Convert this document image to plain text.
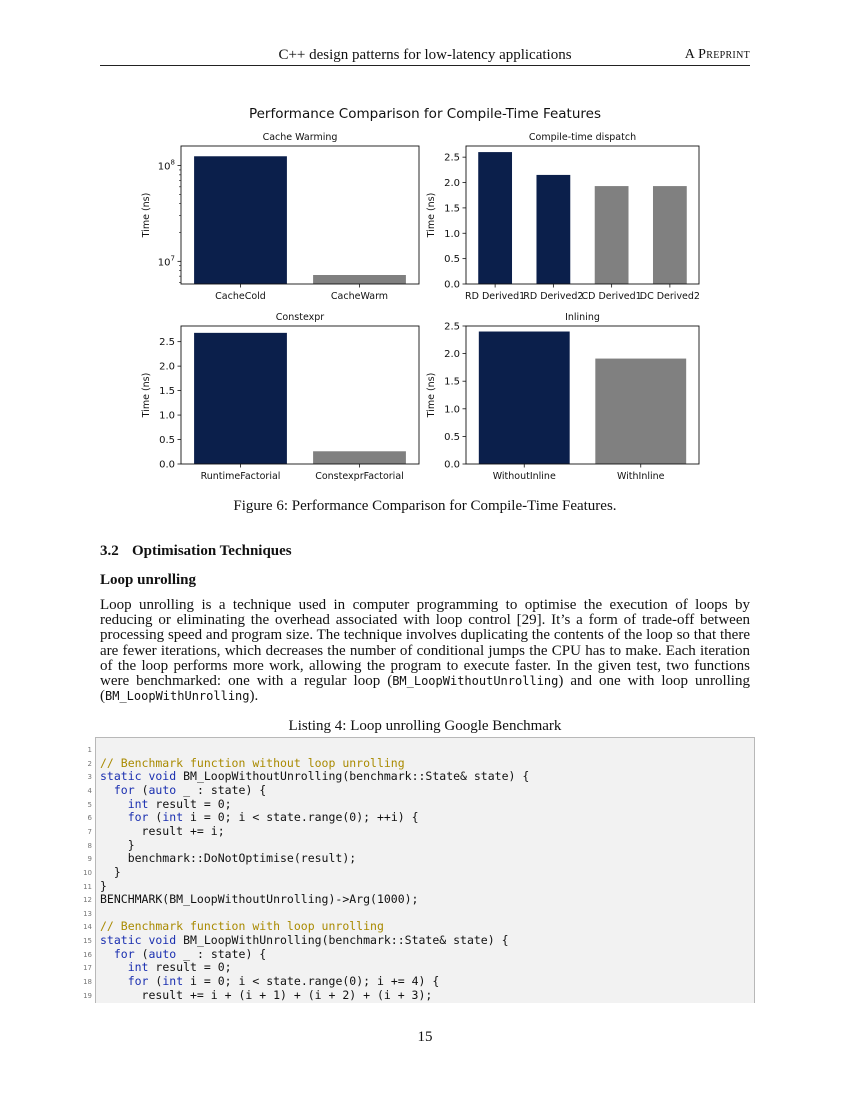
C++ design patterns for low-latency applications	A Preprint
Performance Comparison for Compile-Time Features
Cache Warming
CacheCold	CacheWarm
$10^7$
$10^8$
Time (ns)
Compile-time dispatch
RD Derived1
RD Derived2
CD Derived1
DC Derived2
0.0
0.5
1.0
1.5
2.0
2.5
Time (ns)
Constexpr
RuntimeFactorial	ConstexprFactorial
0.0
0.5
1.0
1.5
2.0
2.5
Time (ns)
Inlining
WithoutInline	WithInline
0.0
0.5
1.0
1.5
2.0
2.5
Time (ns)
Figure 6: Performance Comparison for Compile-Time Features.
3.2 Optimisation Techniques
Loop unrolling
Loop unrolling is a technique used in computer programming to optimise the execution of loops by reducing or eliminating the overhead associated with loop control [29]. It’s a form of trade-off between processing speed and program size. The technique involves duplicating the contents of the loop so that there are fewer iterations, which decreases the number of conditional jumps the CPU has to make. Each iteration of the loop performs more work, allowing the program to execute faster. In the given test, two functions were benchmarked: one with a regular loop (BM_LoopWithoutUnrolling) and one with loop unrolling (BM_LoopWithUnrolling).
Listing 4: Loop unrolling Google Benchmark
15
1
2 // Benchmark function without loop unrolling
3 static void BM_LoopWithoutUnrolling(benchmark::State& state) {
4	for (auto _ : state) {
5	int result = 0;
6	for (int i = 0; i < state.range(0); ++i) {
7 result += i;
8 }
9 benchmark::DoNotOptimise(result);
10 }
11 }
12 BENCHMARK(BM_LoopWithoutUnrolling)->Arg(1000);
13
14 // Benchmark function with loop unrolling
15 static void BM_LoopWithUnrolling(benchmark::State& state) {
16	for (auto _ : state) {
17	int result = 0;
18	for (int i = 0; i < state.range(0); i += 4) {
19 result += i + (i + 1) + (i + 2) + (i + 3);
